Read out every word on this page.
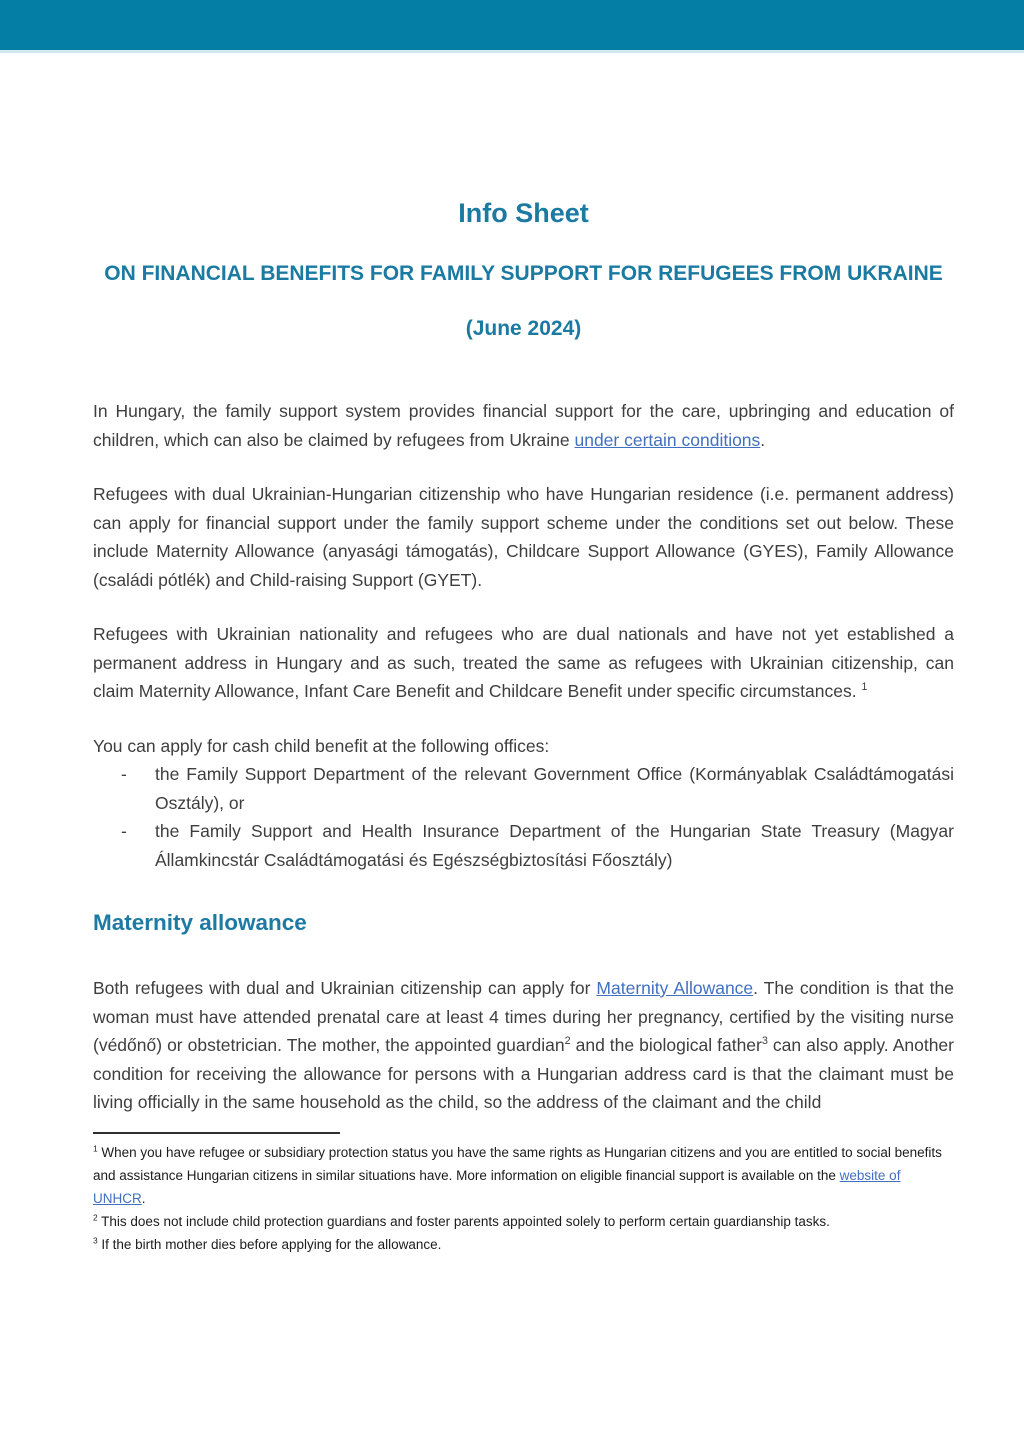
Info Sheet
ON FINANCIAL BENEFITS FOR FAMILY SUPPORT FOR REFUGEES FROM UKRAINE
(June 2024)

In Hungary, the family support system provides financial support for the care, upbringing and education of children, which can also be claimed by refugees from Ukraine under certain conditions.

Refugees with dual Ukrainian-Hungarian citizenship who have Hungarian residence (i.e. permanent address) can apply for financial support under the family support scheme under the conditions set out below. These include Maternity Allowance (anyasági támogatás), Childcare Support Allowance (GYES), Family Allowance (családi pótlék) and Child-raising Support (GYET).

Refugees with Ukrainian nationality and refugees who are dual nationals and have not yet established a permanent address in Hungary and as such, treated the same as refugees with Ukrainian citizenship, can claim Maternity Allowance, Infant Care Benefit and Childcare Benefit under specific circumstances. $^1$

You can apply for cash child benefit at the following offices:

- the Family Support Department of the relevant Government Office (Kormányablak Családtámogatási Osztály), or
- the Family Support and Health Insurance Department of the Hungarian State Treasury (Magyar Államkincstár Családtámogatási és Egészségbiztosítási Főosztály)
Maternity allowance

Both refugees with dual and Ukrainian citizenship can apply for Maternity Allowance. The condition is that the woman must have attended prenatal care at least 4 times during her pregnancy, certified by the visiting nurse (védőnő) or obstetrician. The mother, the appointed guardian$^2$ and the biological father$^3$ can also apply. Another condition for receiving the allowance for persons with a Hungarian address card is that the claimant must be living officially in the same household as the child, so the address of the claimant and the child

$^1$ When you have refugee or subsidiary protection status you have the same rights as Hungarian citizens and you are entitled to social benefits and assistance Hungarian citizens in similar situations have. More information on eligible financial support is available on the website of UNHCR.
$^2$ This does not include child protection guardians and foster parents appointed solely to perform certain guardianship tasks.
$^3$ If the birth mother dies before applying for the allowance.
